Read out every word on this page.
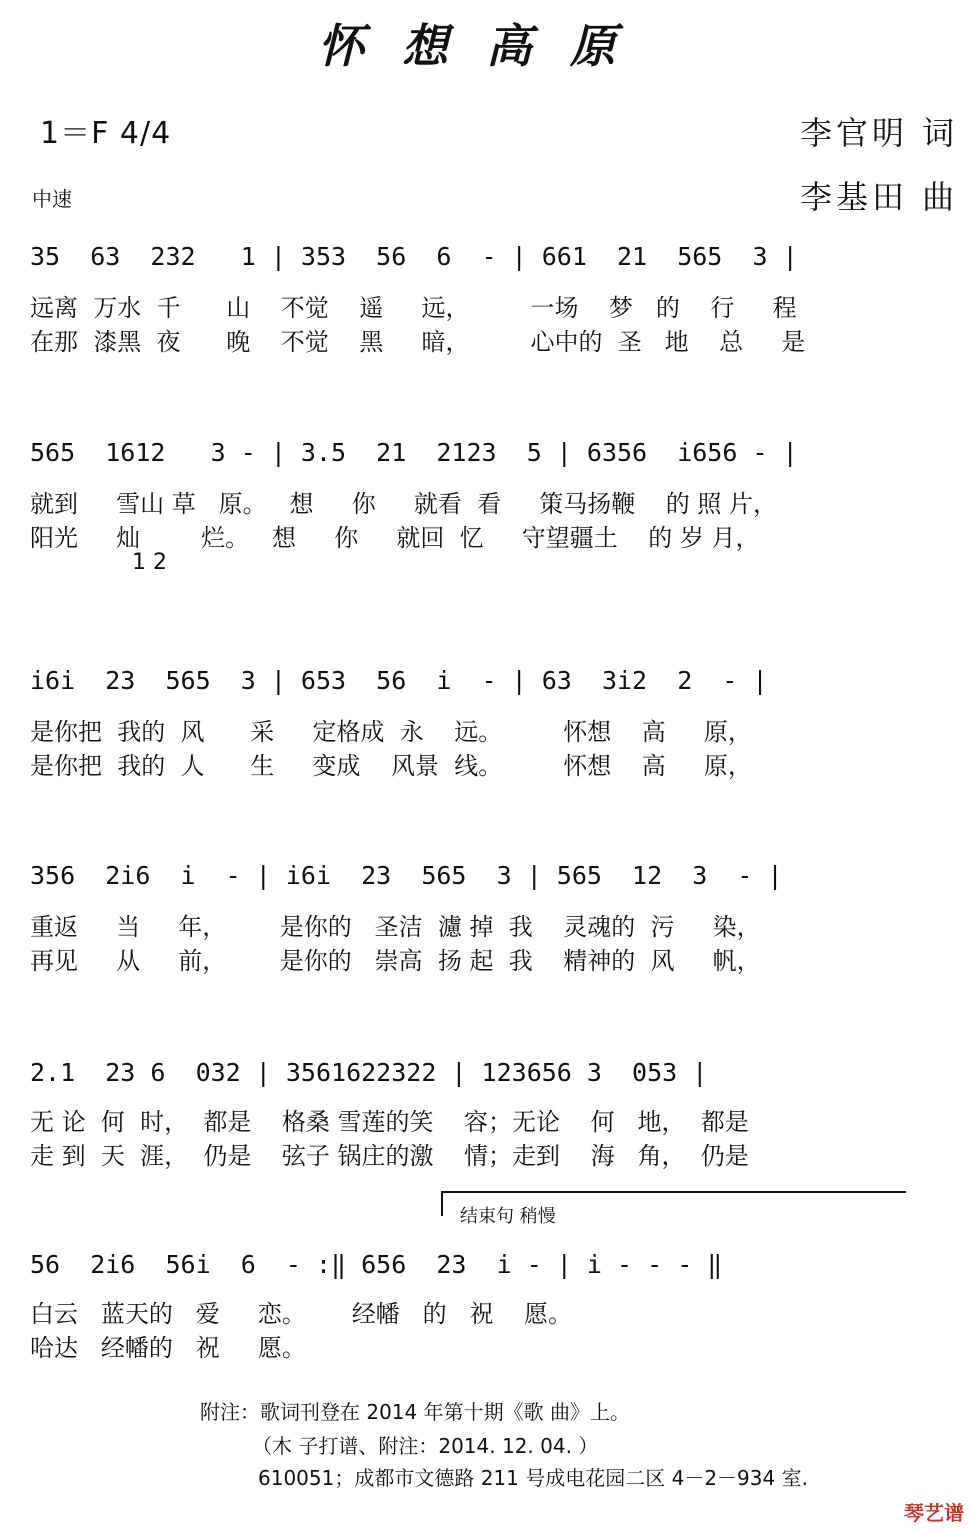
怀想高原
1＝F 4/4
中速
李官明 词
李基田 曲
35  63  232   1 | 353  56  6  - | 661  21  565  3 |
远离  万水  千      山    不觉    遥     远，        一场    梦   的    行     程
在那  漆黑  夜      晚    不觉    黑     暗，        心中的  圣   地    总     是
565  1612   3 - | 3.5  21  2123  5 | 6356  i656 - |
就到     雪山 草   原。   想     你     就看  看     策马扬鞭    的 照 片，
阳光     灿        烂。   想     你     就回  忆     守望疆土    的 岁 月，
1 2
i6i  23  565  3 | 653  56  i  - | 63  3i2  2  - |
是你把  我的  风      采     定格成  永    远。        怀想    高     原，
是你把  我的  人      生     变成    风景  线。        怀想    高     原，
356  2i6  i  - | i6i  23  565  3 | 565  12  3  - |
重返     当     年，       是你的   圣洁  濾 掉  我    灵魂的  污     染，
再见     从     前，       是你的   崇高  扬 起  我    精神的  风     帆，
2.1  23 6  032 | 3561622322 | 123656 3  053 |
无 论  何  时，  都是    格桑 雪莲的笑    容；无论    何   地，  都是
走 到  天  涯，  仍是    弦子 锅庄的激    情；走到    海   角，  仍是
结束句 稍慢
56  2i6  56i  6  - :‖ 656  23  i - | i - - - ‖
白云   蓝天的   爱     恋。      经幡   的   祝    愿。
哈达   经幡的   祝     愿。
附注：歌词刊登在 2014 年第十期《歌 曲》上。
（木 子打谱、附注：2014. 12. 04. ）
610051；成都市文德路 211 号成电花园二区 4－2－934 室.
琴艺谱
